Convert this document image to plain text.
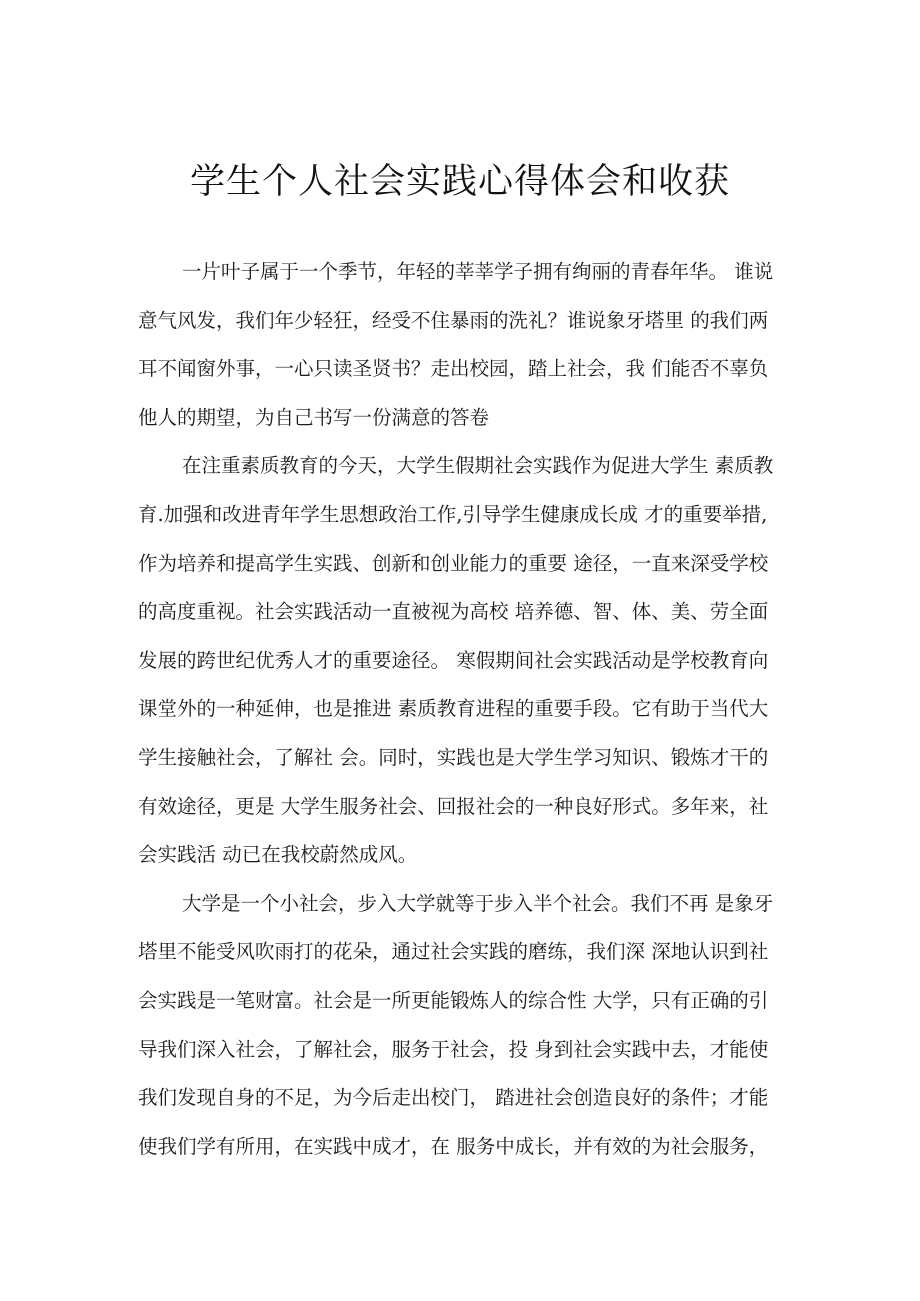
学生个人社会实践心得体会和收获
一片叶子属于一个季节，年轻的莘莘学子拥有绚丽的青春年华。 谁说
意气风发，我们年少轻狂，经受不住暴雨的洗礼？谁说象牙塔里 的我们两
耳不闻窗外事，一心只读圣贤书？走出校园，踏上社会，我 们能否不辜负
他人的期望，为自己书写一份满意的答卷
在注重素质教育的今天，大学生假期社会实践作为促进大学生 素质教
育.加强和改进青年学生思想政治工作,引导学生健康成长成 才的重要举措,
作为培养和提高学生实践、创新和创业能力的重要 途径，一直来深受学校
的高度重视。社会实践活动一直被视为高校 培养德、智、体、美、劳全面
发展的跨世纪优秀人才的重要途径。 寒假期间社会实践活动是学校教育向
课堂外的一种延伸，也是推进 素质教育进程的重要手段。它有助于当代大
学生接触社会，了解社 会。同时，实践也是大学生学习知识、锻炼才干的
有效途径，更是 大学生服务社会、回报社会的一种良好形式。多年来，社
会实践活 动已在我校蔚然成风。
大学是一个小社会，步入大学就等于步入半个社会。我们不再 是象牙
塔里不能受风吹雨打的花朵，通过社会实践的磨练，我们深 深地认识到社
会实践是一笔财富。社会是一所更能锻炼人的综合性 大学，只有正确的引
导我们深入社会，了解社会，服务于社会，投 身到社会实践中去，才能使
我们发现自身的不足，为今后走出校门， 踏进社会创造良好的条件；才能
使我们学有所用，在实践中成才，在 服务中成长，并有效的为社会服务，
